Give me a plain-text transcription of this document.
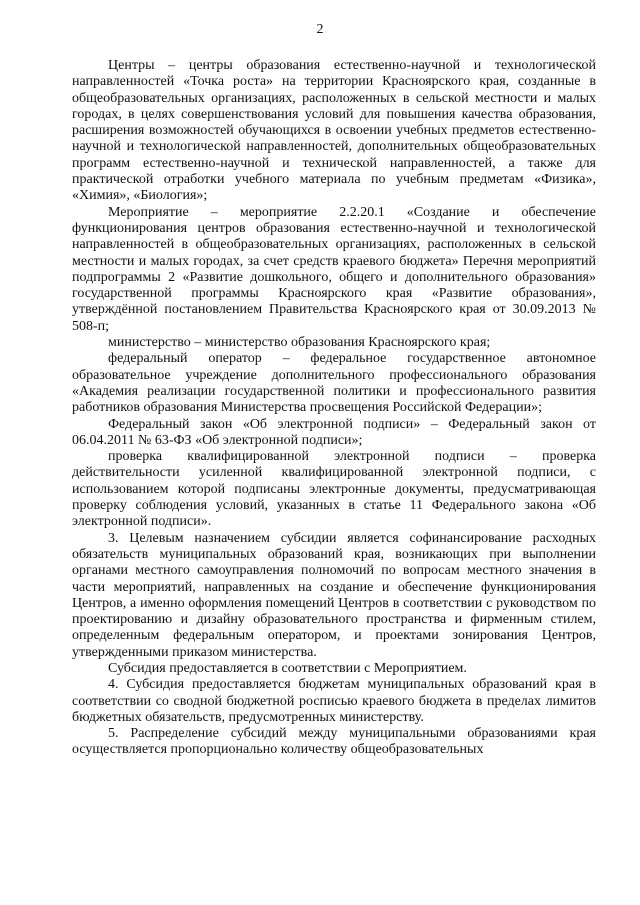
2

Центры – центры образования естественно-научной и технологической направленностей «Точка роста» на территории Красноярского края, созданные в общеобразовательных организациях, расположенных в сельской местности и малых городах, в целях совершенствования условий для повышения качества образования, расширения возможностей обучающихся в освоении учебных предметов естественно-научной и технологической направленностей, дополнительных общеобразовательных программ естественно-научной и технической направленностей, а также для практической отработки учебного материала по учебным предметам «Физика», «Химия», «Биология»;

Мероприятие – мероприятие 2.2.20.1 «Создание и обеспечение функционирования центров образования естественно-научной и технологической направленностей в общеобразовательных организациях, расположенных в сельской местности и малых городах, за счет средств краевого бюджета» Перечня мероприятий подпрограммы 2 «Развитие дошкольного, общего и дополнительного образования» государственной программы Красноярского края «Развитие образования», утверждённой постановлением Правительства Красноярского края от 30.09.2013 № 508-п;

министерство – министерство образования Красноярского края;

федеральный оператор – федеральное государственное автономное образовательное учреждение дополнительного профессионального образования «Академия реализации государственной политики и профессионального развития работников образования Министерства просвещения Российской Федерации»;

Федеральный закон «Об электронной подписи» – Федеральный закон от 06.04.2011 № 63-ФЗ «Об электронной подписи»;

проверка квалифицированной электронной подписи – проверка действительности усиленной квалифицированной электронной подписи, с использованием которой подписаны электронные документы, предусматривающая проверку соблюдения условий, указанных в статье 11 Федерального закона «Об электронной подписи».

3. Целевым назначением субсидии является софинансирование расходных обязательств муниципальных образований края, возникающих при выполнении органами местного самоуправления полномочий по вопросам местного значения в части мероприятий, направленных на создание и обеспечение функционирования Центров, а именно оформления помещений Центров в соответствии с руководством по проектированию и дизайну образовательного пространства и фирменным стилем, определенным федеральным оператором, и проектами зонирования Центров, утвержденными приказом министерства.

Субсидия предоставляется в соответствии с Мероприятием.

4. Субсидия предоставляется бюджетам муниципальных образований края в соответствии со сводной бюджетной росписью краевого бюджета в пределах лимитов бюджетных обязательств, предусмотренных министерству.

5. Распределение субсидий между муниципальными образованиями края осуществляется пропорционально количеству общеобразовательных
